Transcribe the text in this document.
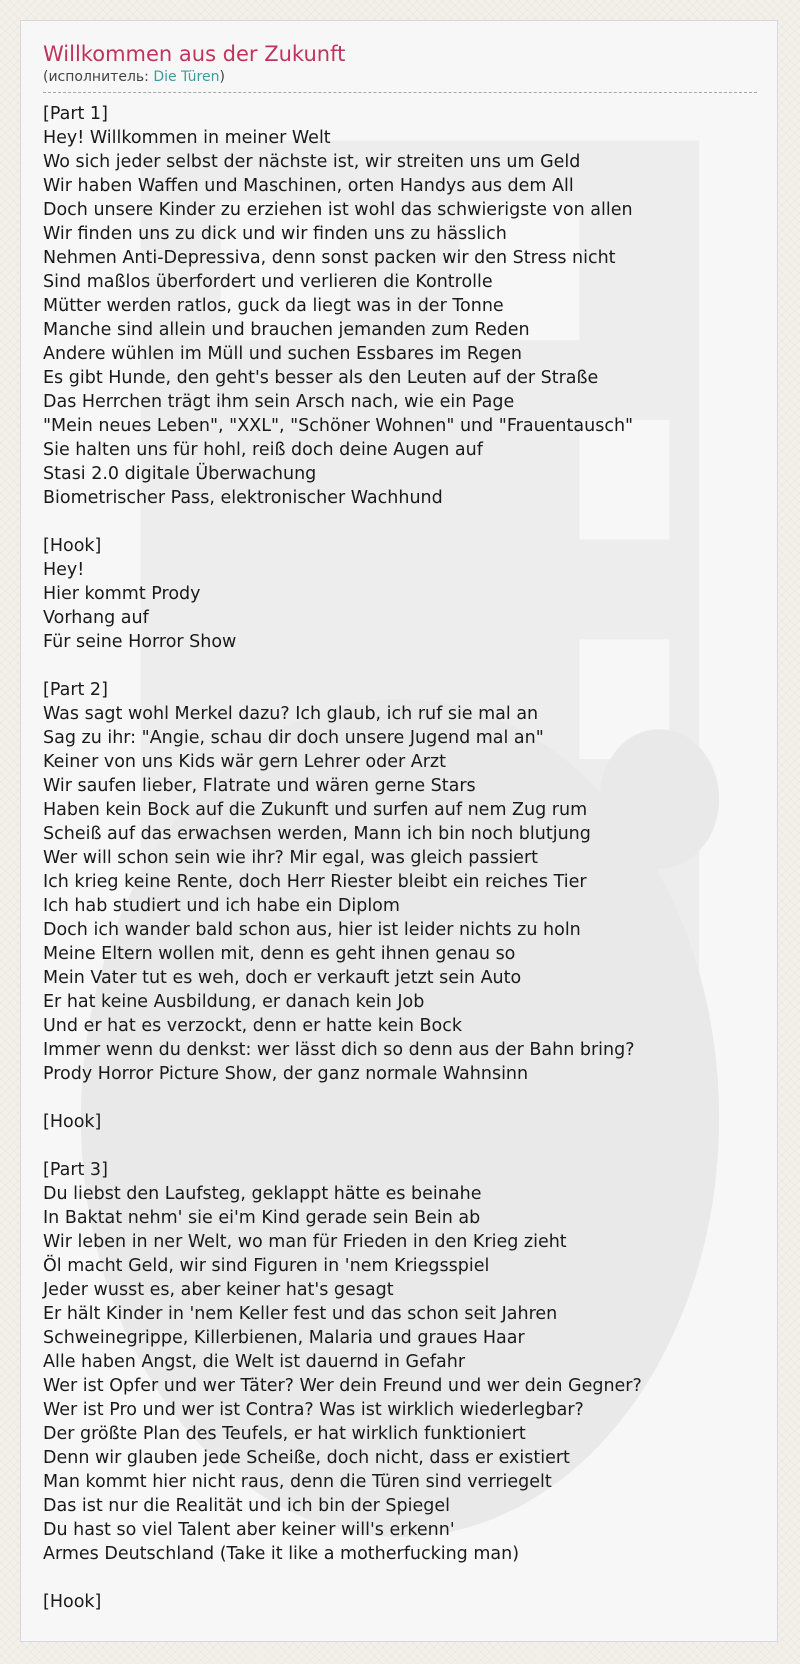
Willkommen aus der Zukunft
(исполнитель: Die Türen)
[Part 1]
Hey! Willkommen in meiner Welt
Wo sich jeder selbst der nächste ist, wir streiten uns um Geld
Wir haben Waffen und Maschinen, orten Handys aus dem All
Doch unsere Kinder zu erziehen ist wohl das schwierigste von allen
Wir finden uns zu dick und wir finden uns zu hässlich
Nehmen Anti-Depressiva, denn sonst packen wir den Stress nicht
Sind maßlos überfordert und verlieren die Kontrolle
Mütter werden ratlos, guck da liegt was in der Tonne
Manche sind allein und brauchen jemanden zum Reden
Andere wühlen im Müll und suchen Essbares im Regen
Es gibt Hunde, den geht's besser als den Leuten auf der Straße
Das Herrchen trägt ihm sein Arsch nach, wie ein Page
"Mein neues Leben", "XXL", "Schöner Wohnen" und "Frauentausch"
Sie halten uns für hohl, reiß doch deine Augen auf
Stasi 2.0 digitale Überwachung
Biometrischer Pass, elektronischer Wachhund
[Hook]
Hey!
Hier kommt Prody
Vorhang auf
Für seine Horror Show
[Part 2]
Was sagt wohl Merkel dazu? Ich glaub, ich ruf sie mal an
Sag zu ihr: "Angie, schau dir doch unsere Jugend mal an"
Keiner von uns Kids wär gern Lehrer oder Arzt
Wir saufen lieber, Flatrate und wären gerne Stars
Haben kein Bock auf die Zukunft und surfen auf nem Zug rum
Scheiß auf das erwachsen werden, Mann ich bin noch blutjung
Wer will schon sein wie ihr? Mir egal, was gleich passiert
Ich krieg keine Rente, doch Herr Riester bleibt ein reiches Tier
Ich hab studiert und ich habe ein Diplom
Doch ich wander bald schon aus, hier ist leider nichts zu holn
Meine Eltern wollen mit, denn es geht ihnen genau so
Mein Vater tut es weh, doch er verkauft jetzt sein Auto
Er hat keine Ausbildung, er danach kein Job
Und er hat es verzockt, denn er hatte kein Bock
Immer wenn du denkst: wer lässt dich so denn aus der Bahn bring?
Prody Horror Picture Show, der ganz normale Wahnsinn
[Hook]
[Part 3]
Du liebst den Laufsteg, geklappt hätte es beinahe
In Baktat nehm' sie ei'm Kind gerade sein Bein ab
Wir leben in ner Welt, wo man für Frieden in den Krieg zieht
Öl macht Geld, wir sind Figuren in 'nem Kriegsspiel
Jeder wusst es, aber keiner hat's gesagt
Er hält Kinder in 'nem Keller fest und das schon seit Jahren
Schweinegrippe, Killerbienen, Malaria und graues Haar
Alle haben Angst, die Welt ist dauernd in Gefahr
Wer ist Opfer und wer Täter? Wer dein Freund und wer dein Gegner?
Wer ist Pro und wer ist Contra? Was ist wirklich wiederlegbar?
Der größte Plan des Teufels, er hat wirklich funktioniert
Denn wir glauben jede Scheiße, doch nicht, dass er existiert
Man kommt hier nicht raus, denn die Türen sind verriegelt
Das ist nur die Realität und ich bin der Spiegel
Du hast so viel Talent aber keiner will's erkenn'
Armes Deutschland (Take it like a motherfucking man)
[Hook]
